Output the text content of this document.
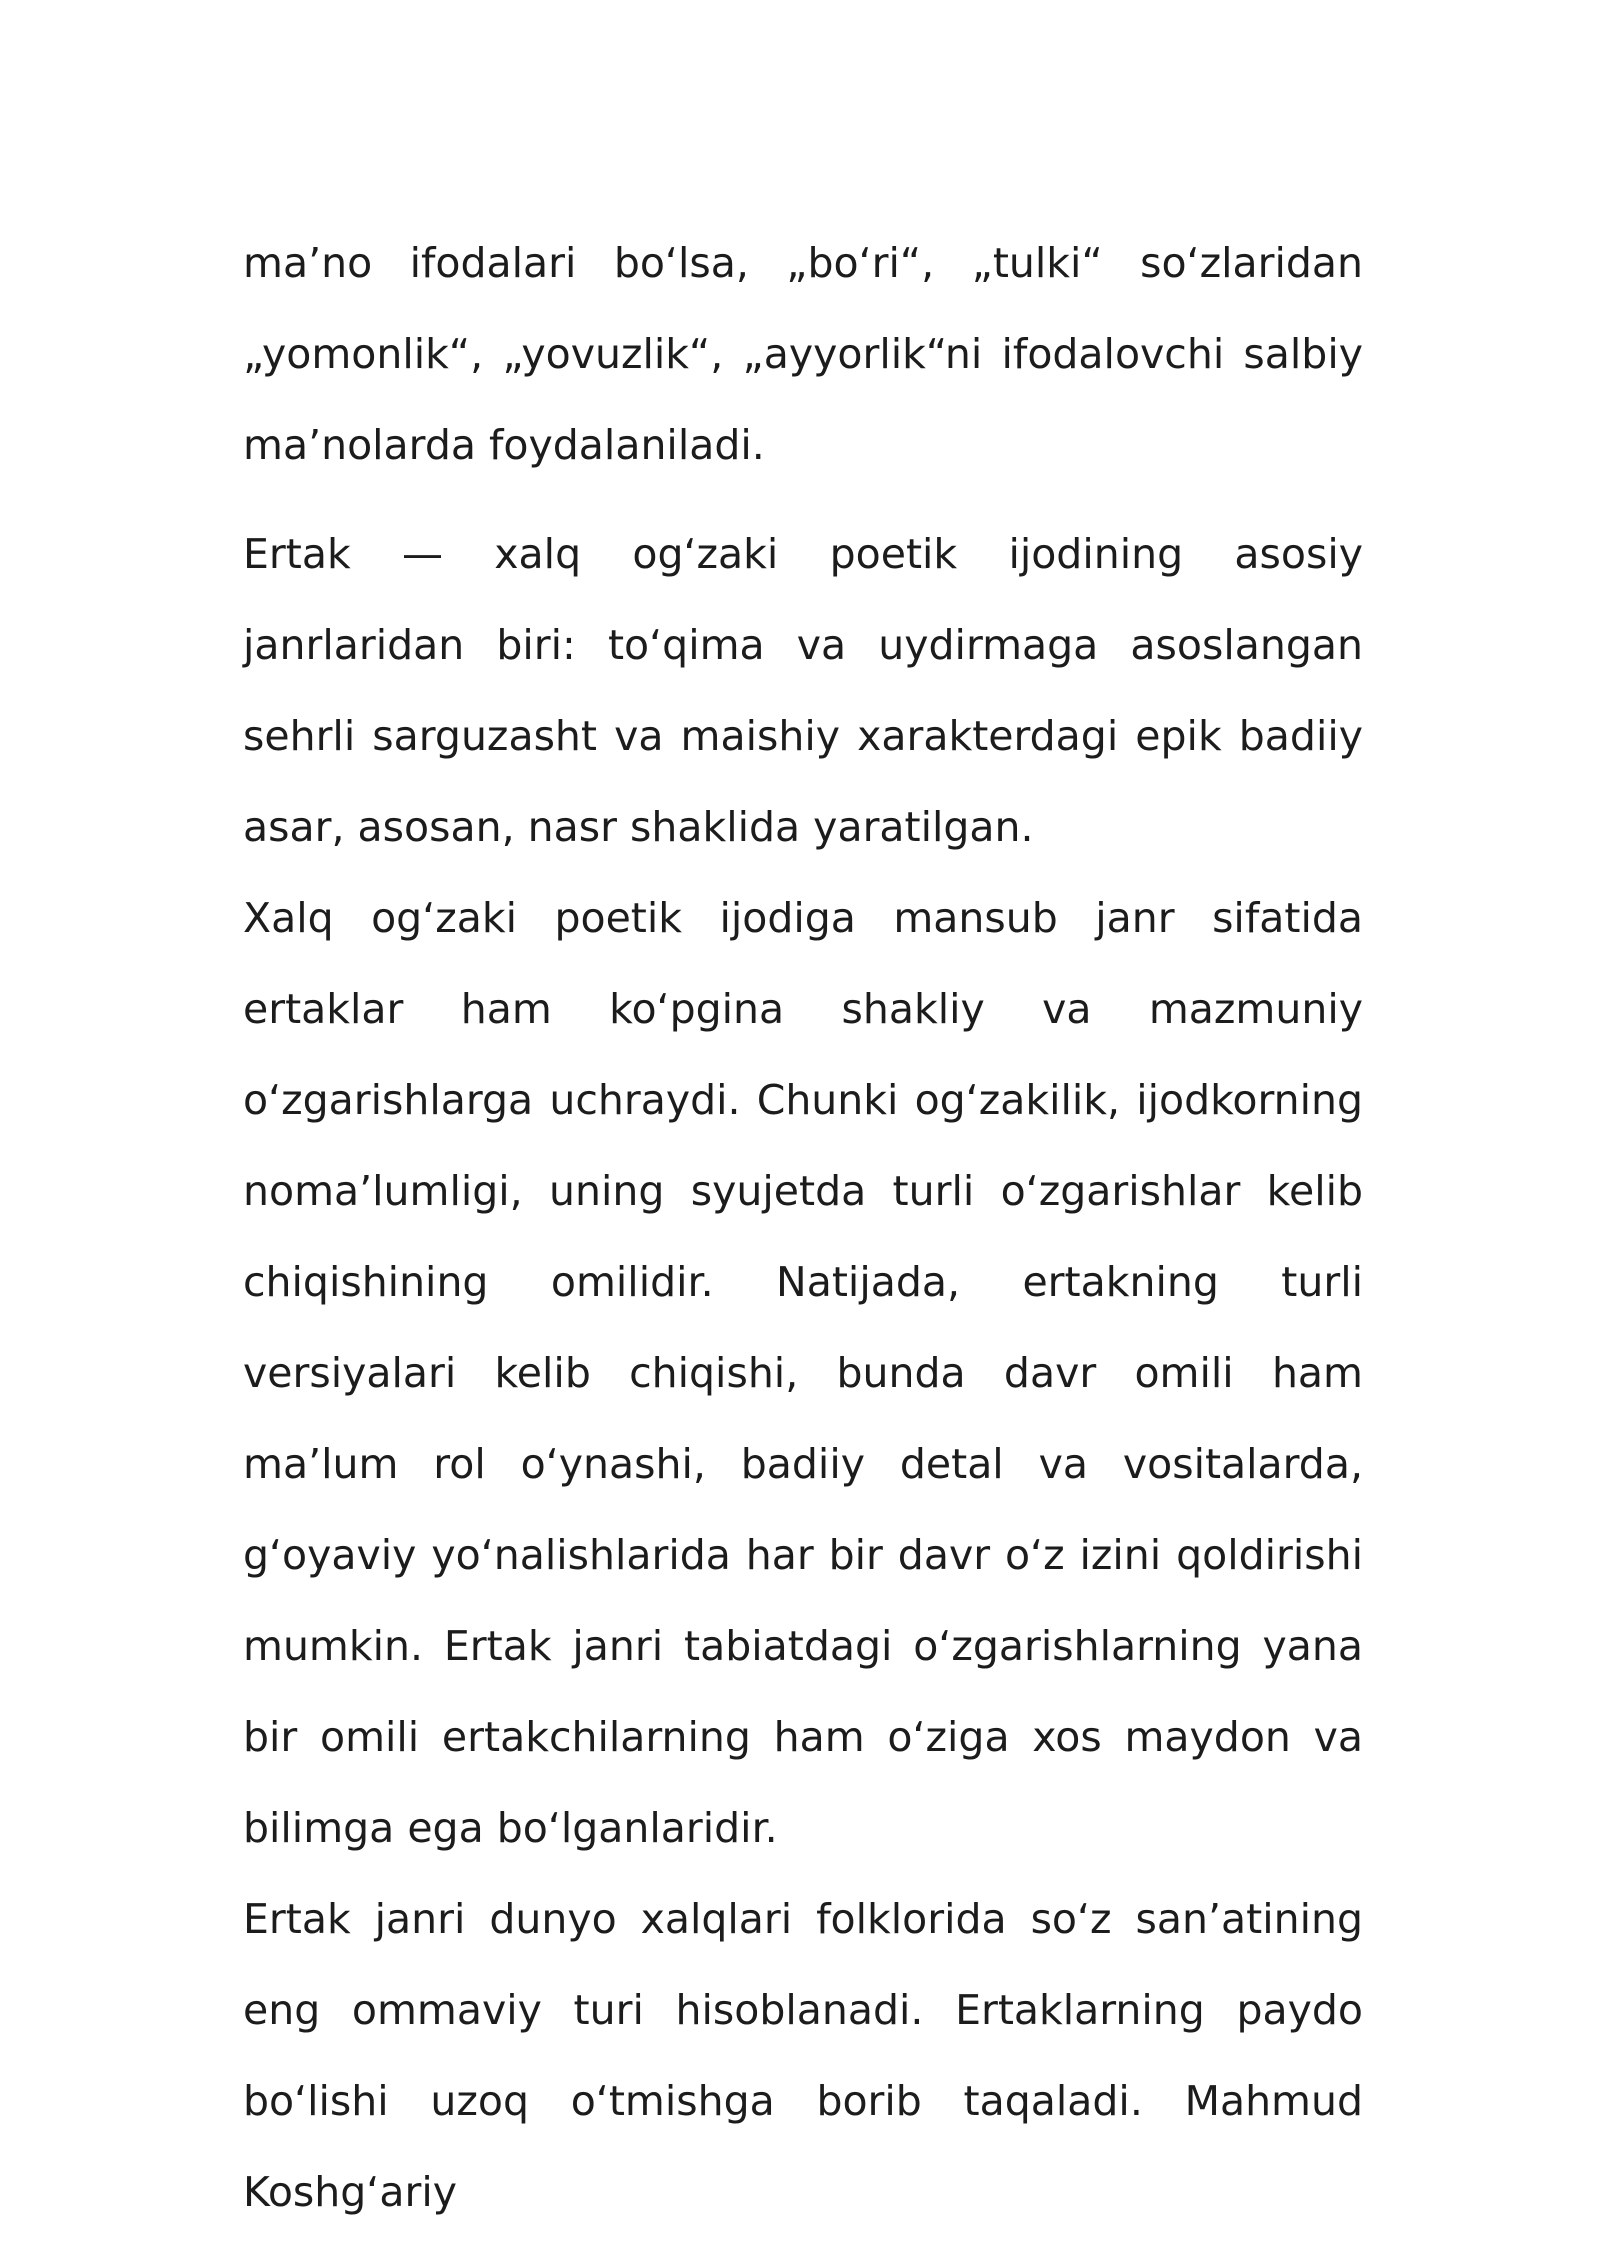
ma’no ifodalari bo‘lsa, „bo‘ri“, „tulki“ so‘zlaridan „yomonlik“, „yovuzlik“, „ayyorlik“ni ifodalovchi salbiy ma’nolarda foydalaniladi.

Ertak — xalq og‘zaki poetik ijodining asosiy janrlaridan biri: to‘qima va uydirmaga asoslangan sehrli sarguzasht va maishiy xarakterdagi epik badiiy asar, asosan, nasr shaklida yaratilgan.

Xalq og‘zaki poetik ijodiga mansub janr sifatida ertaklar ham ko‘pgina shakliy va mazmuniy o‘zgarishlarga uchraydi. Chunki og‘zakilik, ijodkorning noma’lumligi, uning syujetda turli o‘zgarishlar kelib chiqishining omilidir. Natijada, ertakning turli versiyalari kelib chiqishi, bunda davr omili ham ma’lum rol o‘ynashi, badiiy detal va vositalarda, g‘oyaviy yo‘nalishlarida har bir davr o‘z izini qoldirishi mumkin. Ertak janri tabiatdagi o‘zgarishlarning yana bir omili ertakchilarning ham o‘ziga xos maydon va bilimga ega bo‘lganlaridir.

Ertak janri dunyo xalqlari folklorida so‘z san’atining eng ommaviy turi hisoblanadi. Ertaklarning paydo bo‘lishi uzoq o‘tmishga borib taqaladi. Mahmud Koshg‘ariy
